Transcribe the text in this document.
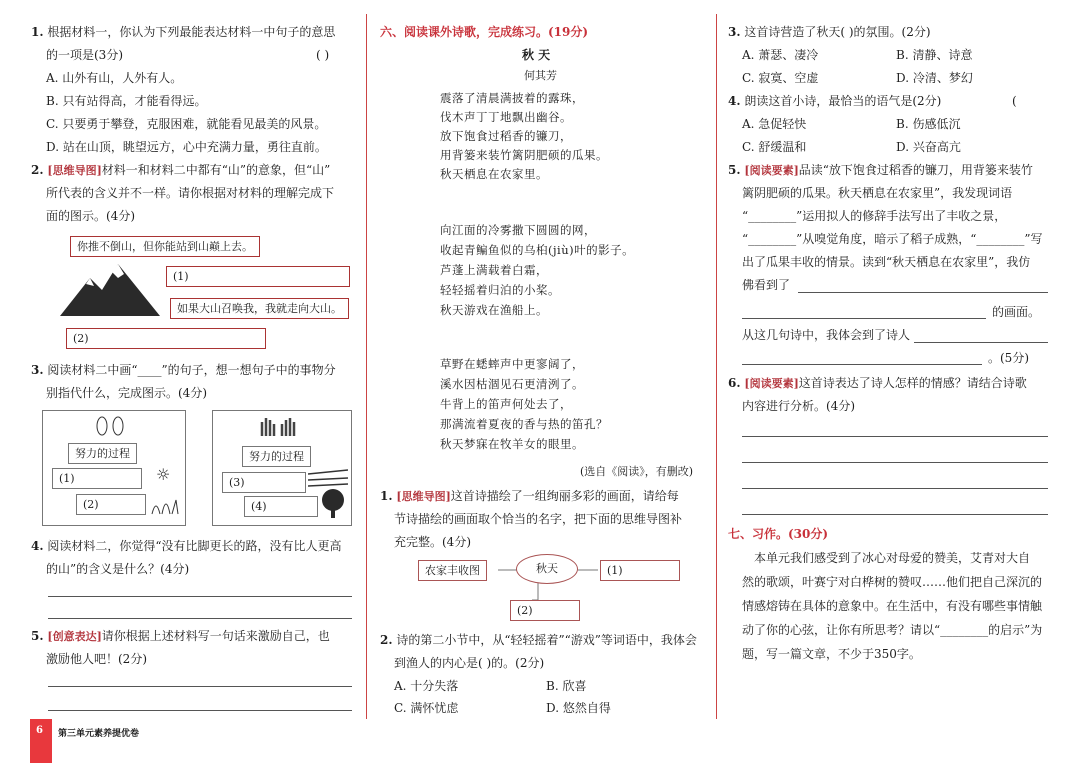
1. 根据材料一，你认为下列最能表达材料一中句子的意思
的一项是(3分)	( )
A. 山外有山，人外有人。
B. 只有站得高，才能看得远。
C. 只要勇于攀登，克服困难，就能看见最美的风景。
D. 站在山顶，眺望远方，心中充满力量，勇往直前。
2. [思维导图]材料一和材料二中都有“山”的意象，但“山”
所代表的含义并不一样。请你根据对材料的理解完成下
面的图示。(4分)
你推不倒山，但你能站到山巅上去。
(1)
如果大山召唤我，我就走向大山。
(2)
3. 阅读材料二中画“____”的句子，想一想句子中的事物分
别指代什么，完成图示。(4分)
努力的过程
(1)	☼
(2)
努力的过程
(3)
(4)
4. 阅读材料二，你觉得“没有比脚更长的路，没有比人更高
的山”的含义是什么？(4分)
5. [创意表达]请你根据上述材料写一句话来激励自己，也
激励他人吧！(2分)
6 第三单元素养提优卷
六、阅读课外诗歌，完成练习。(19分)
秋 天
何其芳
震落了清晨满披着的露珠，
伐木声丁丁地飘出幽谷。
放下饱食过稻香的镰刀，
用背篓来装竹篱阴肥硕的瓜果。
秋天栖息在农家里。
向江面的冷雾撒下圆圆的网，
收起青鳊鱼似的乌桕(jiù)叶的影子。
芦蓬上满载着白霜，
轻轻摇着归泊的小桨。
秋天游戏在渔船上。
草野在蟋蟀声中更寥阔了，
溪水因枯涸见石更清洌了。
牛背上的笛声何处去了，
那满流着夏夜的香与热的笛孔？
秋天梦寐在牧羊女的眼里。
(选自《阅读》，有删改)
1. [思维导图]这首诗描绘了一组绚丽多彩的画面，请给每
节诗描绘的画面取个恰当的名字，把下面的思维导图补
充完整。(4分)
农家丰收图	秋天	(1)
(2)
2. 诗的第二小节中，从“轻轻摇着”“游戏”等词语中，我体会
到渔人的内心是( )的。(2分)
A. 十分失落	B. 欣喜
C. 满怀忧虑	D. 悠然自得
3. 这首诗营造了秋天( )的氛围。(2分)
A. 萧瑟、凄冷	B. 清静、诗意
C. 寂寞、空虚	D. 冷清、梦幻
4. 朗读这首小诗，最恰当的语气是(2分)	(
A. 急促轻快	B. 伤感低沉
C. 舒缓温和	D. 兴奋高亢
5. [阅读要素]品读“放下饱食过稻香的镰刀，用背篓来装竹
篱阴肥硕的瓜果。秋天栖息在农家里”，我发现词语
“________”运用拟人的修辞手法写出了丰收之景，
“________”从嗅觉角度，暗示了稻子成熟，“________”写
出了瓜果丰收的情景。读到“秋天栖息在农家里”，我仿
佛看到了
的画面。
从这几句诗中，我体会到了诗人
。(5分)
6. [阅读要素]这首诗表达了诗人怎样的情感？请结合诗歌
内容进行分析。(4分)
七、习作。(30分)
本单元我们感受到了冰心对母爱的赞美，艾青对大自
然的歌颂，叶赛宁对白桦树的赞叹……他们把自己深沉的
情感熔铸在具体的意象中。在生活中，有没有哪些事情触
动了你的心弦，让你有所思考？请以“________的启示”为
题，写一篇文章，不少于350字。
